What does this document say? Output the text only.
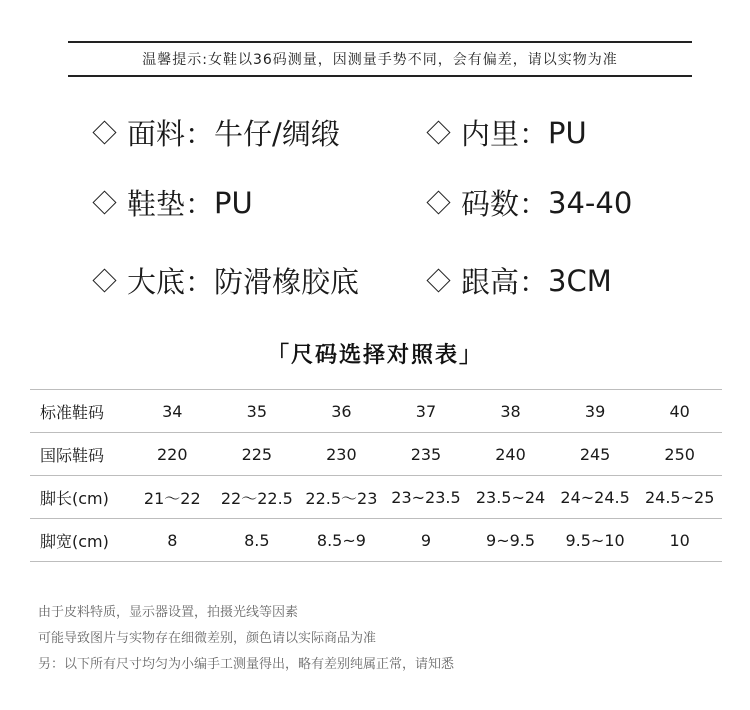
温馨提示:女鞋以36码测量，因测量手势不同，会有偏差，请以实物为准
面料： 牛仔/绸缎	内里： PU
鞋垫： PU	码数： 34-40
大底： 防滑橡胶底	跟高： 3CM
「尺码选择对照表」
标准鞋码	34	35	36	37	38	39	40
国际鞋码	220	225	230	235	240	245	250
脚长(cm)	21～22	22～22.5	22.5～23	23~23.5	23.5~24	24~24.5	24.5~25
脚宽(cm)	8	8.5	8.5~9	9	9~9.5	9.5~10	10
由于皮料特质，显示器设置，拍摄光线等因素
可能导致图片与实物存在细微差别，颜色请以实际商品为准
另：以下所有尺寸均匀为小编手工测量得出，略有差别纯属正常，请知悉
